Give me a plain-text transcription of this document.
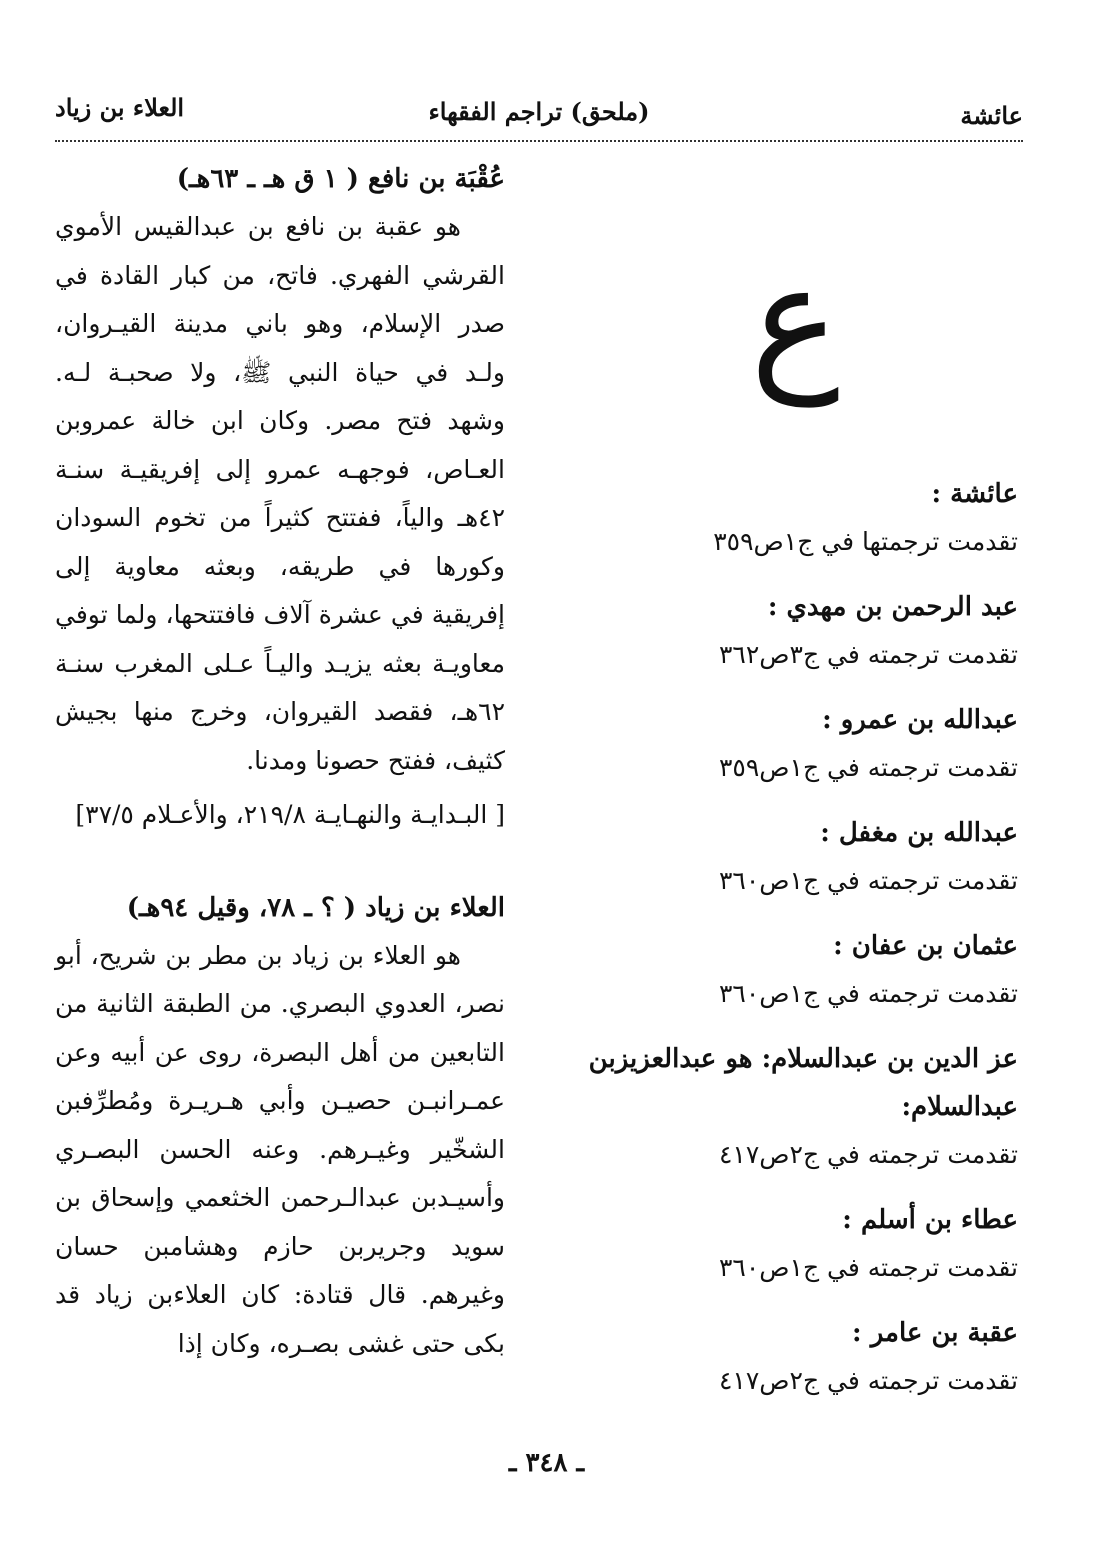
عائشة
(ملحق) تراجم الفقهاء
العلاء بن زياد
ع
عُقْبَة بن نافع ( ١ ق هـ ـ ٦٣هـ)

هو عقبة بن نافع بن عبدالقيس الأموي القرشي الفهري. فاتح، من كبار القادة في صدر الإسلام، وهو باني مدينة القيـروان، ولـد في حياة النبي ﷺ، ولا صحبـة لـه. وشهد فتح مصر. وكان ابن خالة عمروبن العـاص، فوجهـه عمرو إلى إفريقيـة سنـة ٤٢هـ والياً، ففتتح كثيراً من تخوم السودان وكورها في طريقه، وبعثه معاوية إلى إفريقية في عشرة آلاف فافتتحها، ولما توفي معاويـة بعثه يزيـد واليـاً عـلى المغرب سنـة ٦٢هـ، فقصد القيروان، وخرج منها بجيش كثيف، ففتح حصونا ومدنا.

[ البـدايـة والنهـايـة ٢١٩/٨، والأعـلام ٣٧/٥]

العلاء بن زياد ( ؟ ـ ٧٨، وقيل ٩٤هـ)

هو العلاء بن زياد بن مطر بن شريح، أبو نصر، العدوي البصري. من الطبقة الثانية من التابعين من أهل البصرة، روى عن أبيه وعن عمـرانبـن حصيـن وأبي هـريـرة ومُطرِّفبن الشخّير وغيـرهم. وعنه الحسن البصـري وأسيـدبن عبدالـرحمن الخثعمي وإسحاق بن سويد وجريربن حازم وهشامبن حسان وغيرهم. قال قتادة: كان العلاءبن زياد قد بكى حتى غشى بصـره، وكان إذا

عائشة :
تقدمت ترجمتها في ج١ص٣٥٩
عبد الرحمن بن مهدي :
تقدمت ترجمته في ج٣ص٣٦٢
عبدالله بن عمرو :
تقدمت ترجمته في ج١ص٣٥٩
عبدالله بن مغفل :
تقدمت ترجمته في ج١ص٣٦٠
عثمان بن عفان :
تقدمت ترجمته في ج١ص٣٦٠
عز الدين بن عبدالسلام: هو عبدالعزيزبن عبدالسلام:
تقدمت ترجمته في ج٢ص٤١٧
عطاء بن أسلم :
تقدمت ترجمته في ج١ص٣٦٠
عقبة بن عامر :
تقدمت ترجمته في ج٢ص٤١٧
ـ ٣٤٨ ـ
